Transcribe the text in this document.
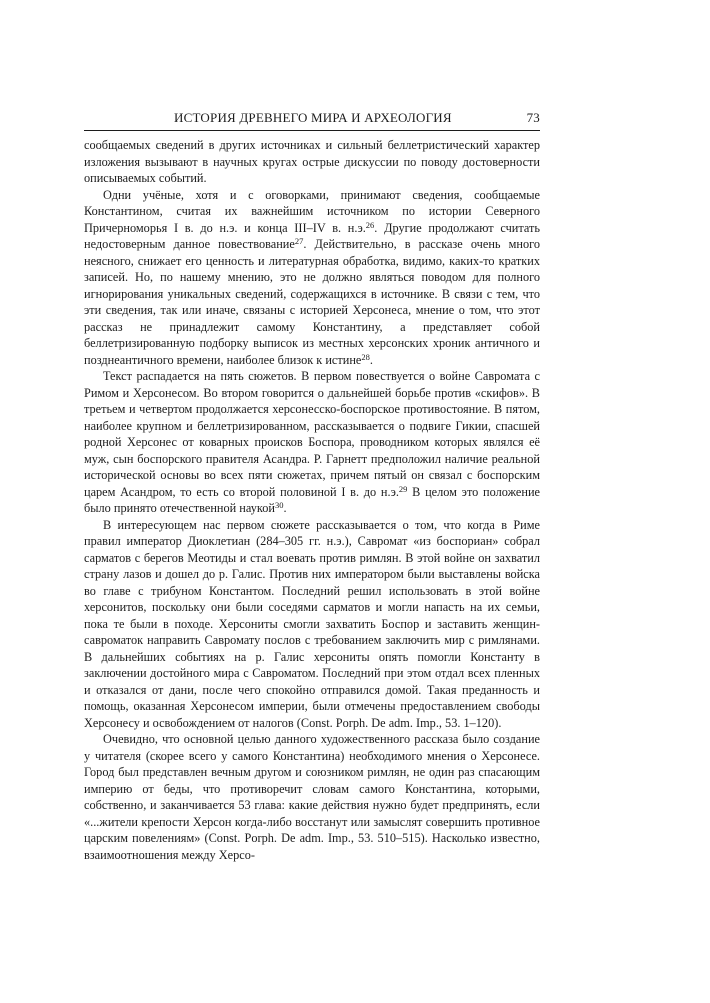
ИСТОРИЯ ДРЕВНЕГО МИРА И АРХЕОЛОГИЯ	73

сообщаемых сведений в других источниках и сильный беллетристический характер изложения вызывают в научных кругах острые дискуссии по поводу достоверности описываемых событий.

Одни учёные, хотя и с оговорками, принимают сведения, сообщаемые Константином, считая их важнейшим источником по истории Северного Причерноморья I в. до н.э. и конца III–IV в. н.э.$^{26}$. Другие продолжают считать недостоверным данное повествование$^{27}$. Действительно, в рассказе очень много неясного, снижает его ценность и литературная обработка, видимо, каких-то кратких записей. Но, по нашему мнению, это не должно являться поводом для полного игнорирования уникальных сведений, содержащихся в источнике. В связи с тем, что эти сведения, так или иначе, связаны с историей Херсонеса, мнение о том, что этот рассказ не принадлежит самому Константину, а представляет собой беллетризированную подборку выписок из местных херсонских хроник античного и позднеантичного времени, наиболее близок к истине$^{28}$.

Текст распадается на пять сюжетов. В первом повествуется о войне Савромата с Римом и Херсонесом. Во втором говорится о дальнейшей борьбе против «скифов». В третьем и четвертом продолжается херсонесско-боспорское противостояние. В пятом, наиболее крупном и беллетризированном, рассказывается о подвиге Гикии, спасшей родной Херсонес от коварных происков Боспора, проводником которых являлся её муж, сын боспорского правителя Асандра. Р. Гарнетт предположил наличие реальной исторической основы во всех пяти сюжетах, причем пятый он связал с боспорским царем Асандром, то есть со второй половиной I в. до н.э.$^{29}$ В целом это положение было принято отечественной наукой$^{30}$.

В интересующем нас первом сюжете рассказывается о том, что когда в Риме правил император Диоклетиан (284–305 гг. н.э.), Савромат «из боспориан» собрал сарматов с берегов Меотиды и стал воевать против римлян. В этой войне он захватил страну лазов и дошел до р. Галис. Против них императором были выставлены войска во главе с трибуном Константом. Последний решил использовать в этой войне херсонитов, поскольку они были соседями сарматов и могли напасть на их семьи, пока те были в походе. Херсониты смогли захватить Боспор и заставить женщин-савроматок направить Савромату послов с требованием заключить мир с римлянами. В дальнейших событиях на р. Галис херсониты опять помогли Константу в заключении достойного мира с Савроматом. Последний при этом отдал всех пленных и отказался от дани, после чего спокойно отправился домой. Такая преданность и помощь, оказанная Херсонесом империи, были отмечены предоставлением свободы Херсонесу и освобождением от налогов (Const. Porph. De adm. Imp., 53. 1–120).

Очевидно, что основной целью данного художественного рассказа было создание у читателя (скорее всего у самого Константина) необходимого мнения о Херсонесе. Город был представлен вечным другом и союзником римлян, не один раз спасающим империю от беды, что противоречит словам самого Константина, которыми, собственно, и заканчивается 53 глава: какие действия нужно будет предпринять, если «...жители крепости Херсон когда-либо восстанут или замыслят совершить противное царским повелениям» (Const. Porph. De adm. Imp., 53. 510–515). Насколько известно, взаимоотношения между Херсо-
